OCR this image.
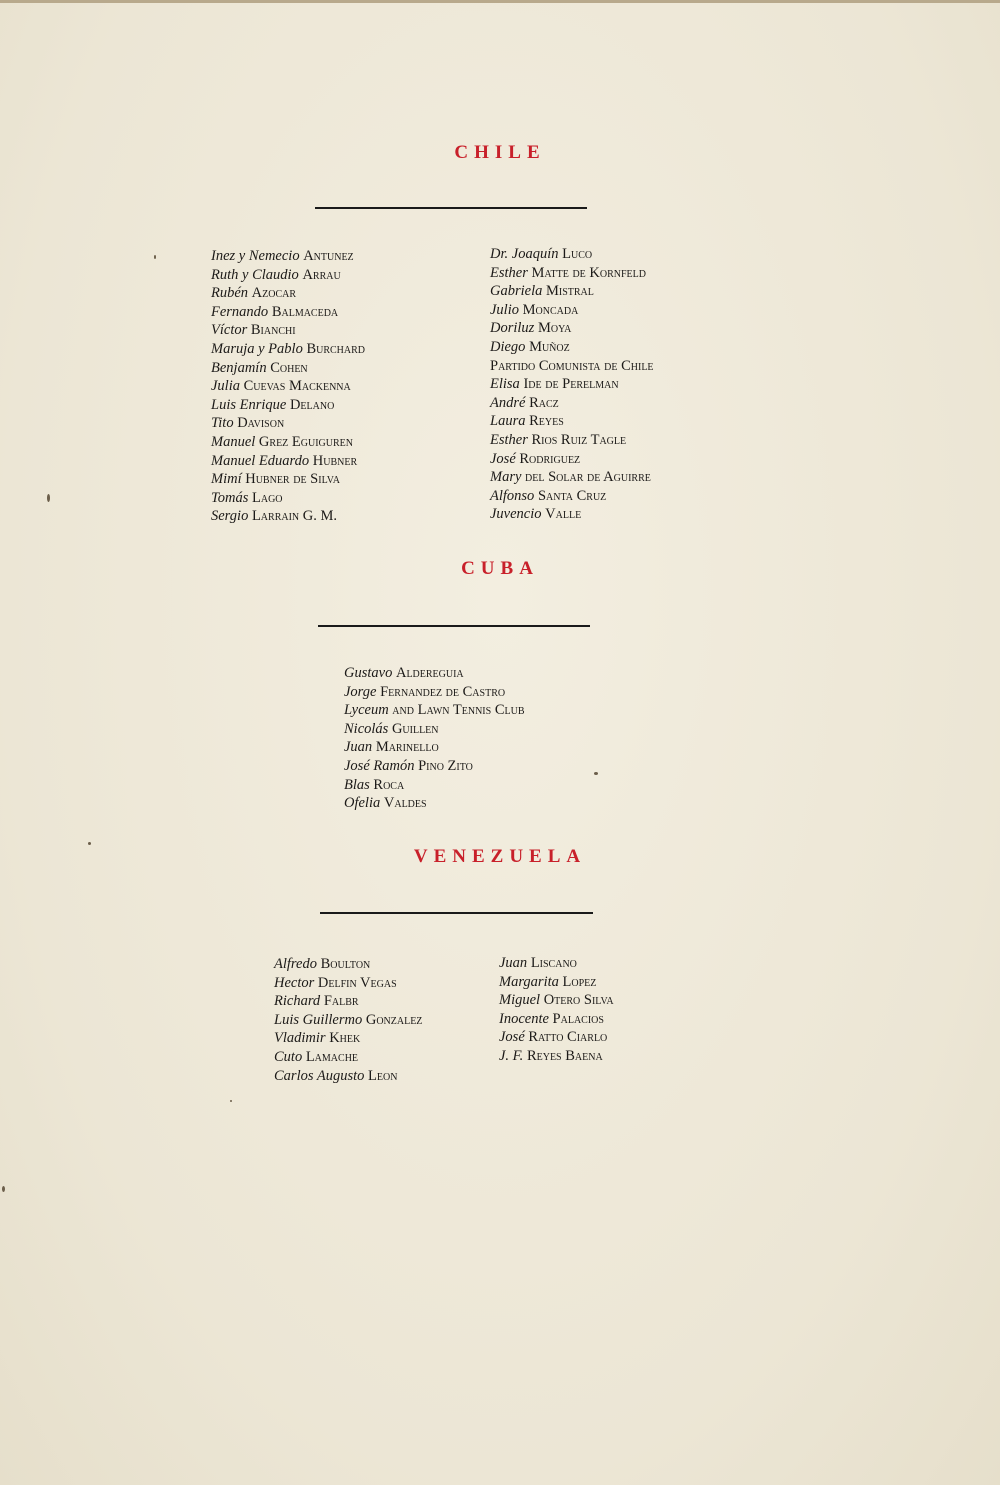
CHILE
Inez y Nemecio Antunez
Ruth y Claudio Arrau
Rubén Azocar
Fernando Balmaceda
Víctor Bianchi
Maruja y Pablo Burchard
Benjamín Cohen
Julia Cuevas Mackenna
Luis Enrique Delano
Tito Davison
Manuel Grez Eguiguren
Manuel Eduardo Hubner
Mimí Hubner de Silva
Tomás Lago
Sergio Larrain G. M.
Dr. Joaquín Luco
Esther Matte de Kornfeld
Gabriela Mistral
Julio Moncada
Doriluz Moya
Diego Muñoz
Partido Comunista de Chile
Elisa Ide de Perelman
André Racz
Laura Reyes
Esther Rios Ruiz Tagle
José Rodriguez
Mary del Solar de Aguirre
Alfonso Santa Cruz
Juvencio Valle
CUBA
Gustavo Aldereguia
Jorge Fernandez de Castro
Lyceum and Lawn Tennis Club
Nicolás Guillen
Juan Marinello
José Ramón Pino Zito
Blas Roca
Ofelia Valdes
VENEZUELA
Alfredo Boulton
Hector Delfin Vegas
Richard Falbr
Luis Guillermo Gonzalez
Vladimir Khek
Cuto Lamache
Carlos Augusto Leon
Juan Liscano
Margarita Lopez
Miguel Otero Silva
Inocente Palacios
José Ratto Ciarlo
J. F. Reyes Baena
